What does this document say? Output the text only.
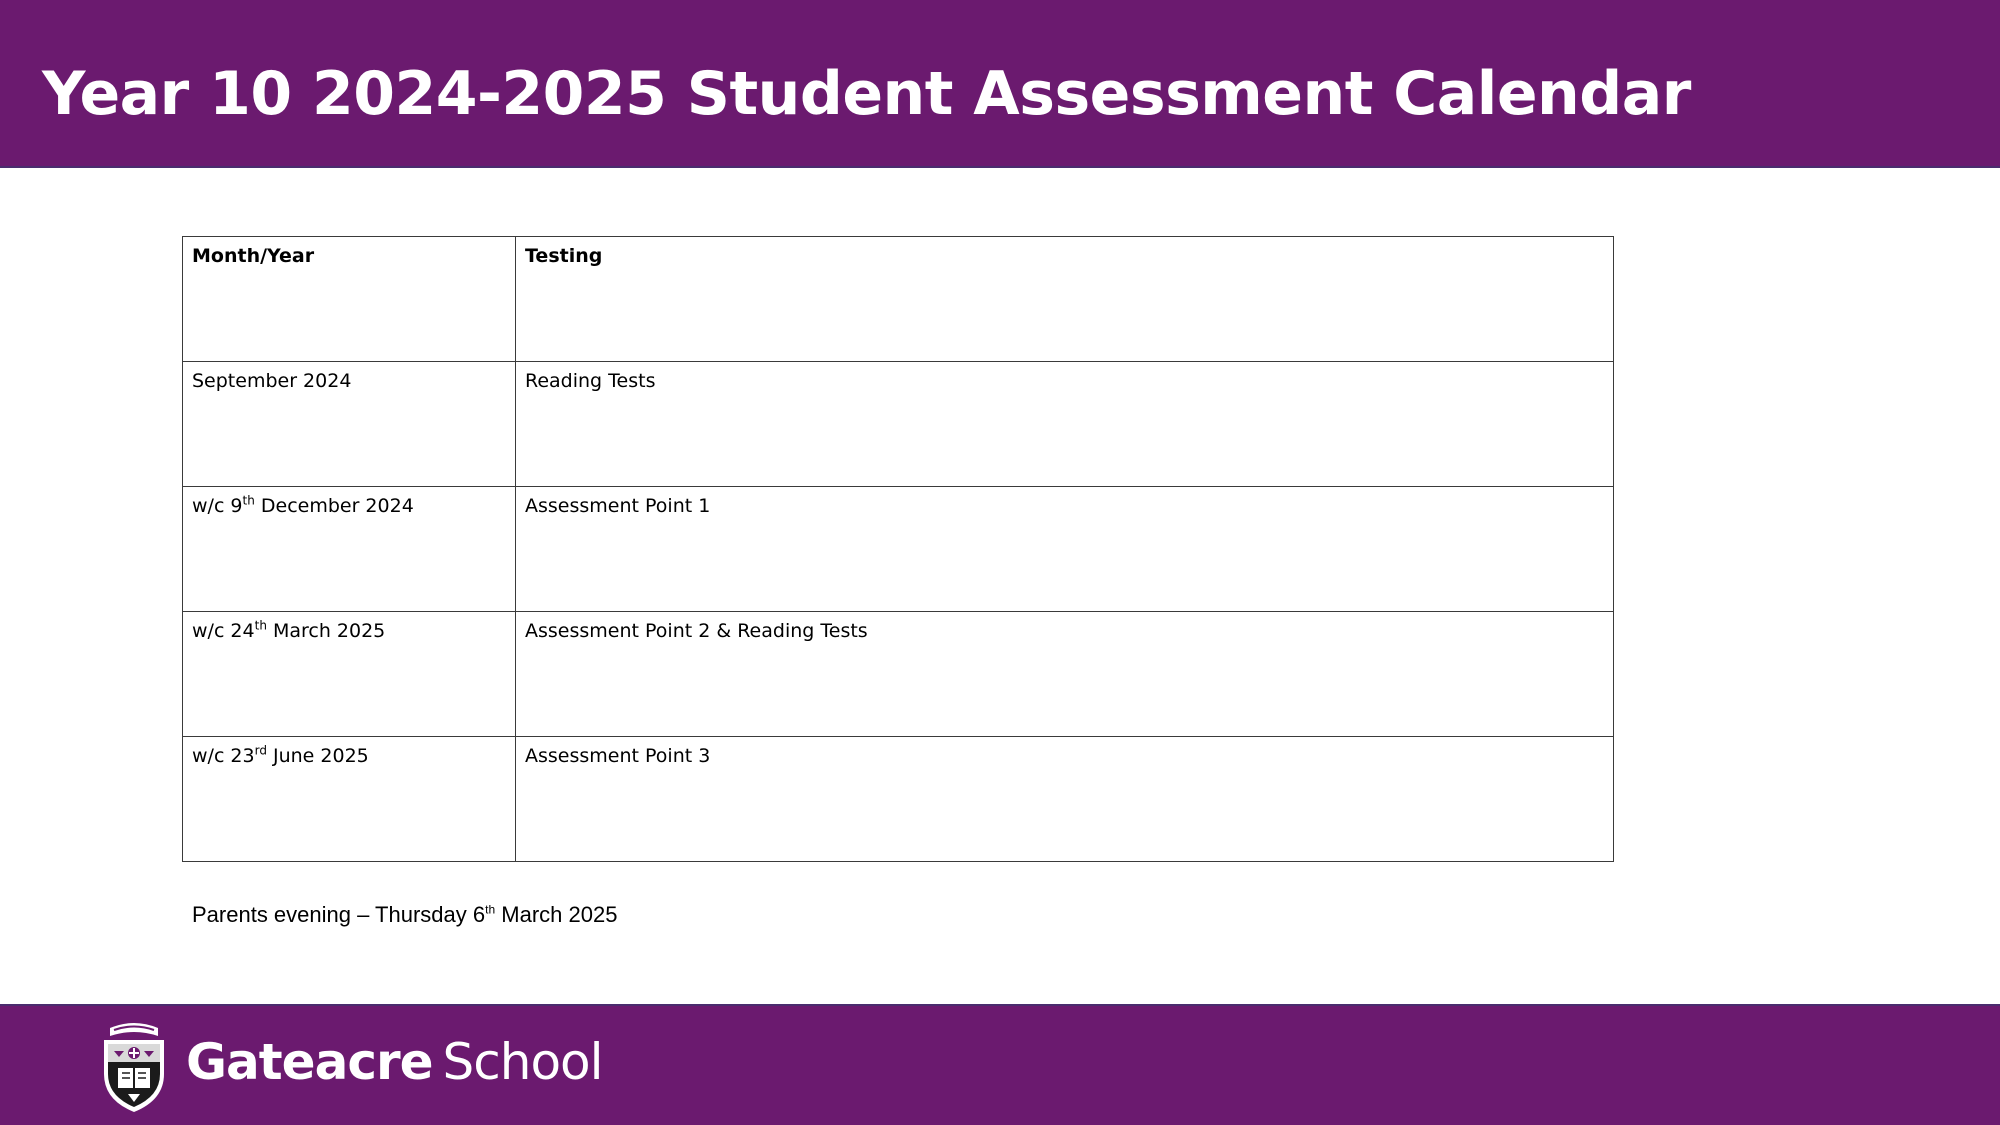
Year 10 2024-2025 Student Assessment Calendar
Month/Year	Testing
September 2024	Reading Tests
w/c 9th December 2024	Assessment Point 1
w/c 24th March 2025	Assessment Point 2 & Reading Tests
w/c 23rd June 2025	Assessment Point 3
Parents evening – Thursday 6th March 2025
Gateacre School
